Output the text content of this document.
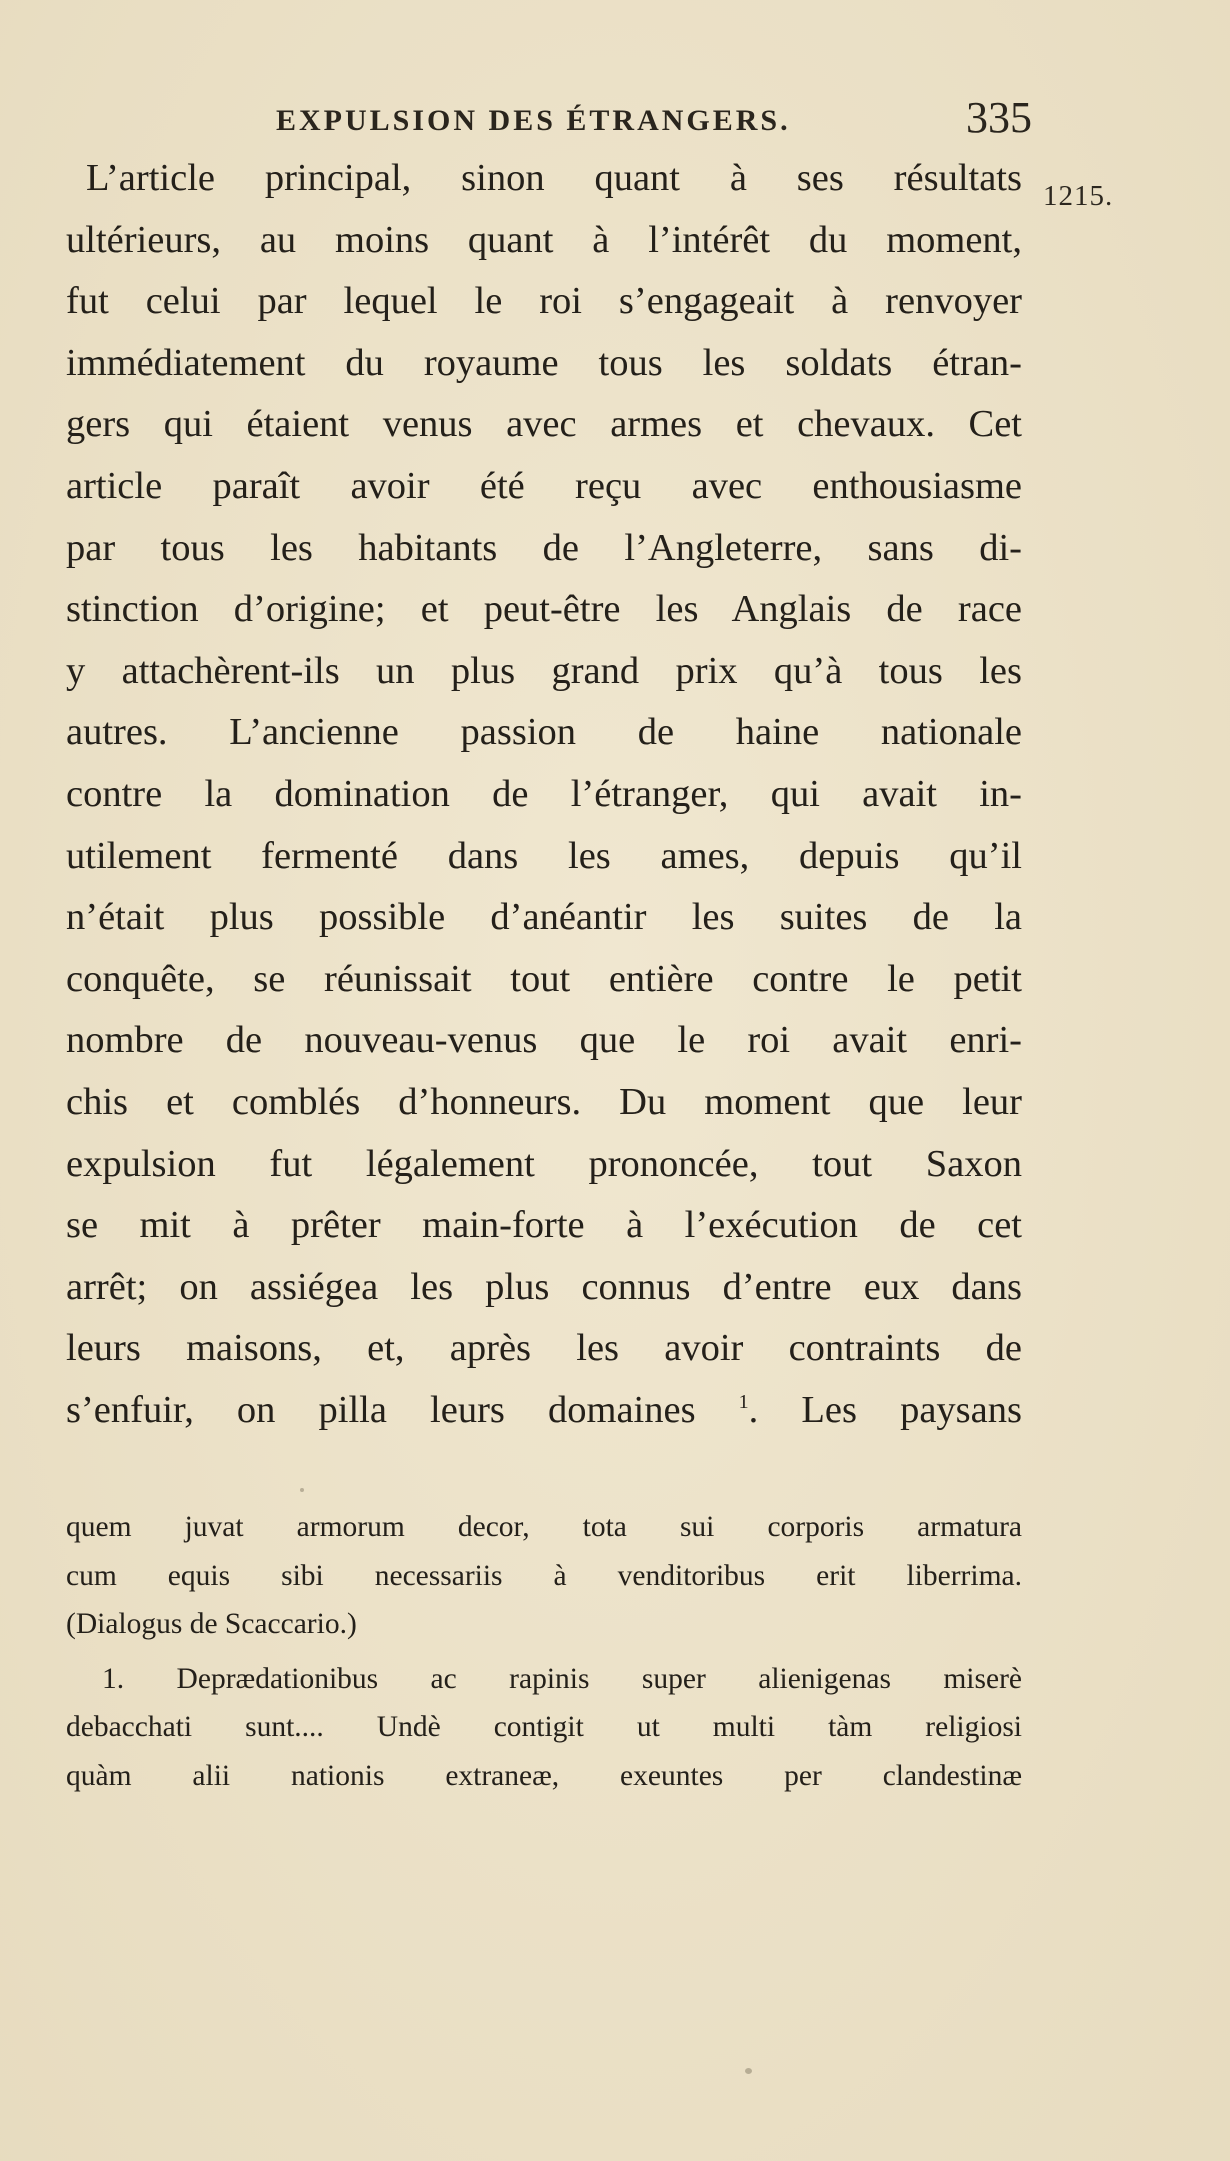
EXPULSION DES ÉTRANGERS.	335
1215.
L’article principal, sinon quant à ses résultats
ultérieurs, au moins quant à l’intérêt du moment,
fut celui par lequel le roi s’engageait à renvoyer
immédiatement du royaume tous les soldats étran-
gers qui étaient venus avec armes et chevaux. Cet
article paraît avoir été reçu avec enthousiasme
par tous les habitants de l’Angleterre, sans di-
stinction d’origine; et peut-être les Anglais de race
y attachèrent-ils un plus grand prix qu’à tous les
autres. L’ancienne passion de haine nationale
contre la domination de l’étranger, qui avait in-
utilement fermenté dans les ames, depuis qu’il
n’était plus possible d’anéantir les suites de la
conquête, se réunissait tout entière contre le petit
nombre de nouveau-venus que le roi avait enri-
chis et comblés d’honneurs. Du moment que leur
expulsion fut légalement prononcée, tout Saxon
se mit à prêter main-forte à l’exécution de cet
arrêt; on assiégea les plus connus d’entre eux dans
leurs maisons, et, après les avoir contraints de
s’enfuir, on pilla leurs domaines $^1$. Les paysans
quem juvat armorum decor, tota sui corporis armatura
cum equis sibi necessariis à venditoribus erit liberrima.
(Dialogus de Scaccario.)
1. Deprædationibus ac rapinis super alienigenas miserè
debacchati sunt.... Undè contigit ut multi tàm religiosi
quàm alii nationis extraneæ, exeuntes per clandestinæ
